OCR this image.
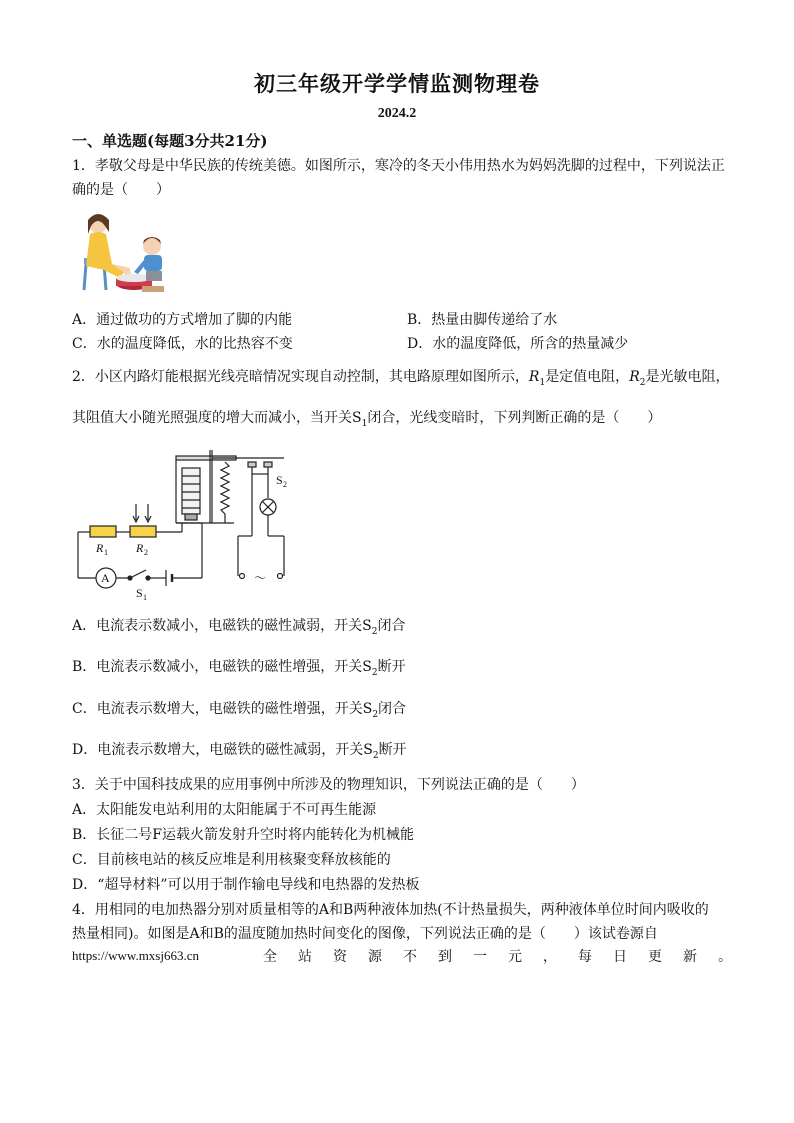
初三年级开学学情监测物理卷
2024.2
一、单选题(每题3分共21分)
1．孝敬父母是中华民族的传统美德。如图所示，寒冷的冬天小伟用热水为妈妈洗脚的过程中，下列说法正
确的是（　　）
A．通过做功的方式增加了脚的内能	B．热量由脚传递给了水
C．水的温度降低，水的比热容不变	D．水的温度降低，所含的热量减少
2．小区内路灯能根据光线亮暗情况实现自动控制，其电路原理如图所示，$R_1$是定值电阻，$R_2$是光敏电阻，
其阻值大小随光照强度的增大而减小，当开关$S_1$闭合，光线变暗时，下列判断正确的是（　　）
R 1 R 2
A
S 1
S 2
～
A．电流表示数减小，电磁铁的磁性减弱，开关$S_2$闭合
B．电流表示数减小，电磁铁的磁性增强，开关$S_2$断开
C．电流表示数增大，电磁铁的磁性增强，开关$S_2$闭合
D．电流表示数增大，电磁铁的磁性减弱，开关$S_2$断开
3．关于中国科技成果的应用事例中所涉及的物理知识，下列说法正确的是（　　）
A．太阳能发电站利用的太阳能属于不可再生能源
B．长征二号F运载火箭发射升空时将内能转化为机械能
C．目前核电站的核反应堆是利用核聚变释放核能的
D．“超导材料”可以用于制作输电导线和电热器的发热板
4．用相同的电加热器分别对质量相等的A和B两种液体加热(不计热量损失，两种液体单位时间内吸收的
热量相同)。如图是A和B的温度随加热时间变化的图像，下列说法正确的是（　　）该试卷源自
https://www.mxsj663.cn	全站资源不到一元，每日更新。
